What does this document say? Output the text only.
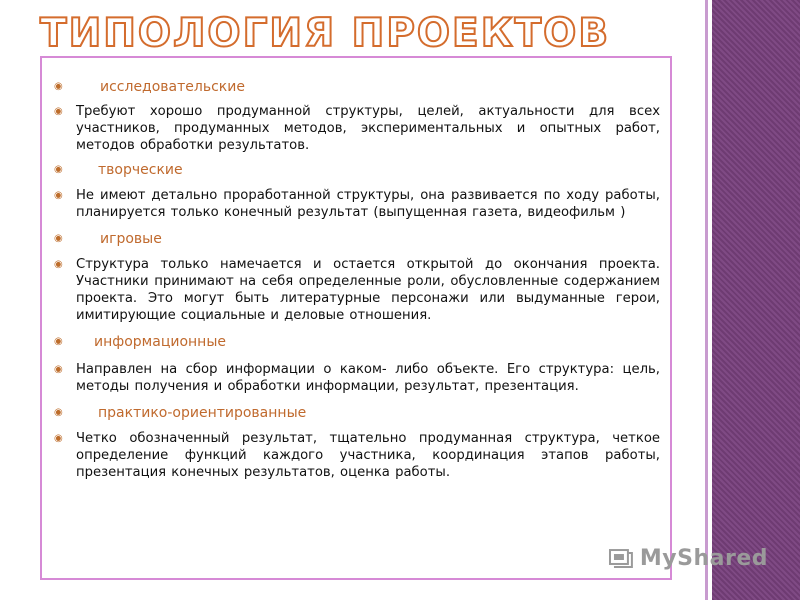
ТИПОЛОГИЯ ПРОЕКТОВ
◉	исследовательские
◉ Требуют хорошо продуманной структуры, целей, актуальности для всех участников, продуманных методов, экспериментальных и опытных работ, методов обработки результатов.
◉	творческие
◉ Не имеют детально проработанной структуры, она развивается по ходу работы, планируется только конечный результат (выпущенная газета, видеофильм )
◉	игровые
◉ Структура только намечается и остается открытой до окончания проекта. Участники принимают на себя определенные роли, обусловленные содержанием проекта. Это могут быть литературные персонажи или выдуманные герои, имитирующие социальные и деловые отношения.
◉ информационные
◉ Направлен на сбор информации о каком- либо объекте. Его структура: цель, методы получения и обработки информации, результат, презентация.
◉	практико-ориентированные
◉ Четко обозначенный результат, тщательно продуманная структура, четкое определение функций каждого участника, координация этапов работы, презентация конечных результатов, оценка работы.
MyShared
